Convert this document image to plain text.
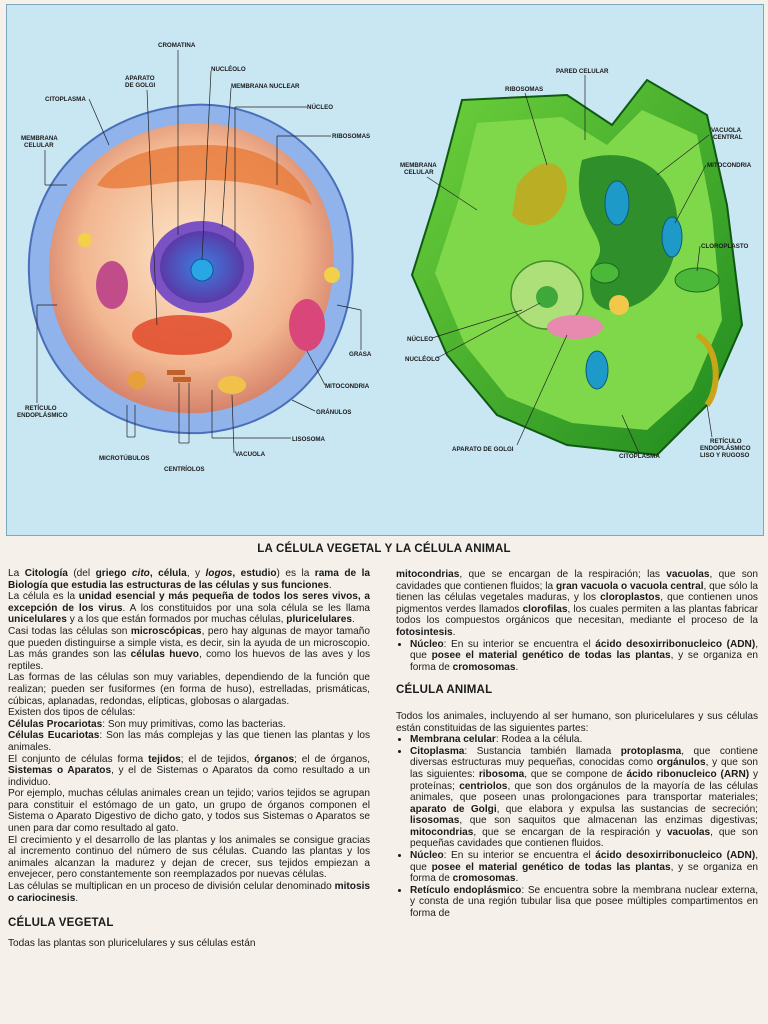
CROMATINA
NUCLÉOLO
APARATO
DE GOLGI
CITOPLASMA
MEMBRANA NUCLEAR
NÚCLEO
MEMBRANA
CELULAR
RIBOSOMAS
GRASA
MITOCONDRIA
RETÍCULO
ENDOPLÁSMICO	GRÁNULOS
LISOSOMA
MICROTÚBULOS
VACUOLA
CENTRÍOLOS
RIBOSOMAS
PARED CELULAR
VACUOLA
CENTRAL
MEMBRANA
CELULAR
MITOCONDRIA
CLOROPLASTO
NÚCLEO
NUCLÉOLO
APARATO DE GOLGI
CITOPLASMA
RETÍCULO
ENDOPLÁSMICO
LISO Y RUGOSO
LA CÉLULA VEGETAL Y LA CÉLULA ANIMAL

La Citología (del griego cito, célula, y logos, estudio) es la rama de la Biología que estudia las estructuras de las células y sus funciones.

La célula es la unidad esencial y más pequeña de todos los seres vivos, a excepción de los virus. A los constituidos por una sola célula se les llama unicelulares y a los que están formados por muchas células, pluricelulares.

Casi todas las células son microscópicas, pero hay algunas de mayor tamaño que pueden distinguirse a simple vista, es decir, sin la ayuda de un microscopio. Las más grandes son las células huevo, como los huevos de las aves y los reptiles.

Las formas de las células son muy variables, dependiendo de la función que realizan; pueden ser fusiformes (en forma de huso), estrelladas, prismáticas, cúbicas, aplanadas, redondas, elípticas, globosas o alargadas.

Existen dos tipos de células:

Células Procariotas: Son muy primitivas, como las bacterias.

Células Eucariotas: Son las más complejas y las que tienen las plantas y los animales.

El conjunto de células forma tejidos; el de tejidos, órganos; el de órganos, Sistemas o Aparatos, y el de Sistemas o Aparatos da como resultado a un individuo.

Por ejemplo, muchas células animales crean un tejido; varios tejidos se agrupan para constituir el estómago de un gato, un grupo de órganos componen el Sistema o Aparato Digestivo de dicho gato, y todos sus Sistemas o Aparatos se unen para dar como resultado al gato.

El crecimiento y el desarrollo de las plantas y los animales se consigue gracias al incremento continuo del número de sus células. Cuando las plantas y los animales alcanzan la madurez y dejan de crecer, sus tejidos empiezan a envejecer, pero constantemente son reemplazados por nuevas células.

Las células se multiplican en un proceso de división celular denominado mitosis o cariocinesis.

CÉLULA VEGETAL

Todas las plantas son pluricelulares y sus células están

mitocondrias, que se encargan de la respiración; las vacuolas, que son cavidades que contienen fluidos; la gran vacuola o vacuola central, que sólo la tienen las células vegetales maduras, y los cloroplastos, que contienen unos pigmentos verdes llamados clorofilas, los cuales permiten a las plantas fabricar todos los compuestos orgánicos que necesitan, mediante el proceso de la fotosintesis.

• Núcleo: En su interior se encuentra el ácido desoxirribonucleico (ADN), que posee el material genético de todas las plantas, y se organiza en forma de cromosomas.
CÉLULA ANIMAL

Todos los animales, incluyendo al ser humano, son pluricelulares y sus células están constituidas de las siguientes partes:

• Membrana celular: Rodea a la célula.
• Citoplasma: Sustancia también llamada protoplasma, que contiene diversas estructuras muy pequeñas, conocidas como orgánulos, y que son las siguientes: ribosoma, que se compone de ácido ribonucleico (ARN) y proteínas; centriolos, que son dos orgánulos de la mayoría de las células animales, que poseen unas prolongaciones para transportar materiales; aparato de Golgi, que elabora y expulsa las sustancias de secreción; lisosomas, que son saquitos que almacenan las enzimas digestivas; mitocondrias, que se encargan de la respiración y vacuolas, que son pequeñas cavidades que contienen fluidos.
• Núcleo: En su interior se encuentra el ácido desoxirribonucleico (ADN), que posee el material genético de todas las plantas, y se organiza en forma de cromosomas.
• Retículo endoplásmico: Se encuentra sobre la membrana nuclear externa, y consta de una región tubular lisa que posee múltiples compartimentos en forma de
